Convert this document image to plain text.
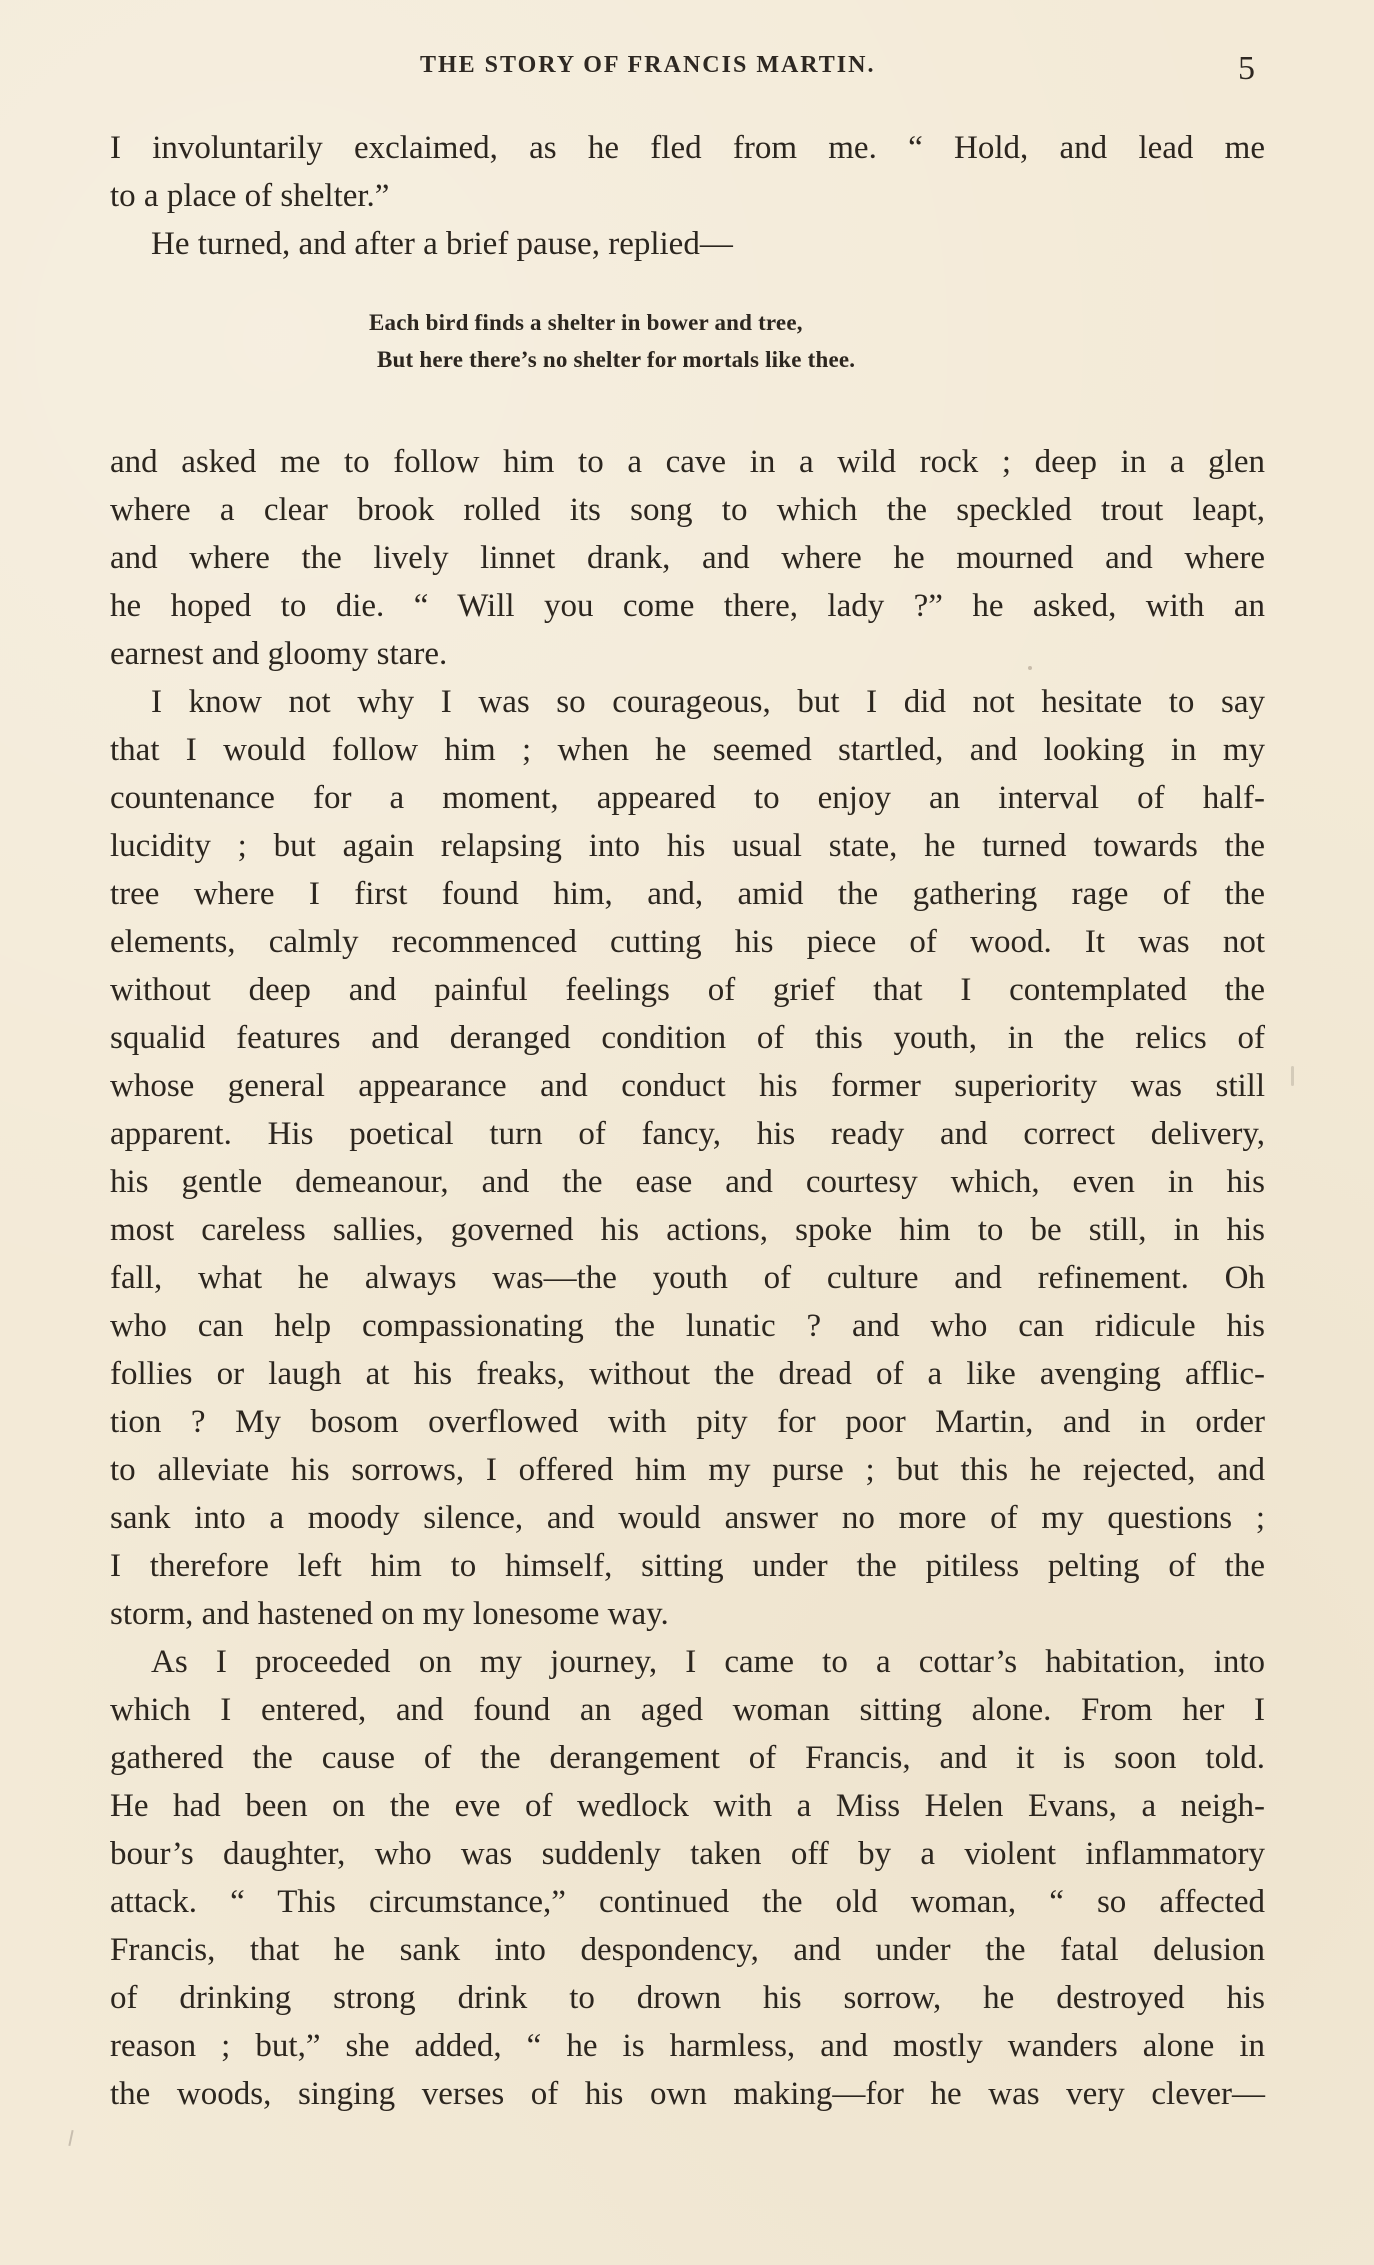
THE STORY OF FRANCIS MARTIN.	5
I involuntarily exclaimed, as he fled from me. “ Hold, and lead me
to a place of shelter.”
He turned, and after a brief pause, replied—
Each bird finds a shelter in bower and tree,
But here there’s no shelter for mortals like thee.
and asked me to follow him to a cave in a wild rock ; deep in a glen
where a clear brook rolled its song to which the speckled trout leapt,
and where the lively linnet drank, and where he mourned and where
he hoped to die. “ Will you come there, lady ?” he asked, with an
earnest and gloomy stare.
I know not why I was so courageous, but I did not hesitate to say
that I would follow him ; when he seemed startled, and looking in my
countenance for a moment, appeared to enjoy an interval of half-
lucidity ; but again relapsing into his usual state, he turned towards the
tree where I first found him, and, amid the gathering rage of the
elements, calmly recommenced cutting his piece of wood. It was not
without deep and painful feelings of grief that I contemplated the
squalid features and deranged condition of this youth, in the relics of
whose general appearance and conduct his former superiority was still
apparent. His poetical turn of fancy, his ready and correct delivery,
his gentle demeanour, and the ease and courtesy which, even in his
most careless sallies, governed his actions, spoke him to be still, in his
fall, what he always was—the youth of culture and refinement. Oh
who can help compassionating the lunatic ? and who can ridicule his
follies or laugh at his freaks, without the dread of a like avenging afflic-
tion ? My bosom overflowed with pity for poor Martin, and in order
to alleviate his sorrows, I offered him my purse ; but this he rejected, and
sank into a moody silence, and would answer no more of my questions ;
I therefore left him to himself, sitting under the pitiless pelting of the
storm, and hastened on my lonesome way.
As I proceeded on my journey, I came to a cottar’s habitation, into
which I entered, and found an aged woman sitting alone. From her I
gathered the cause of the derangement of Francis, and it is soon told.
He had been on the eve of wedlock with a Miss Helen Evans, a neigh-
bour’s daughter, who was suddenly taken off by a violent inflammatory
attack. “ This circumstance,” continued the old woman, “ so affected
Francis, that he sank into despondency, and under the fatal delusion
of drinking strong drink to drown his sorrow, he destroyed his
reason ; but,” she added, “ he is harmless, and mostly wanders alone in
the woods, singing verses of his own making—for he was very clever—
